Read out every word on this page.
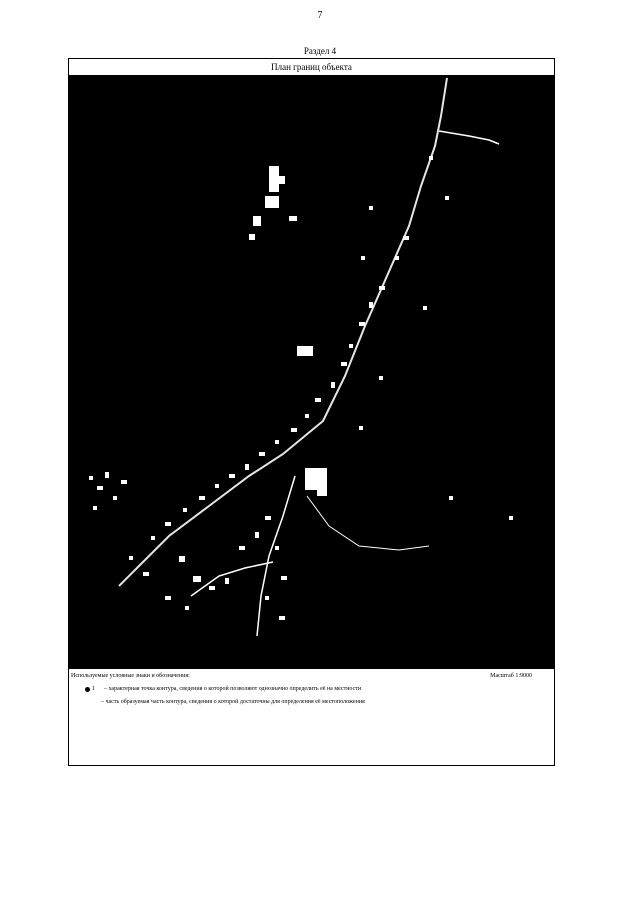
7
Раздел 4
План границ объекта
Используемые условные знаки и обозначения:	Масштаб 1:9000
1 – характерная точка контура, сведения о которой позволяют однозначно определить её на местности
– часть образуемая часть контура, сведения о которой достаточны для определения её местоположения
